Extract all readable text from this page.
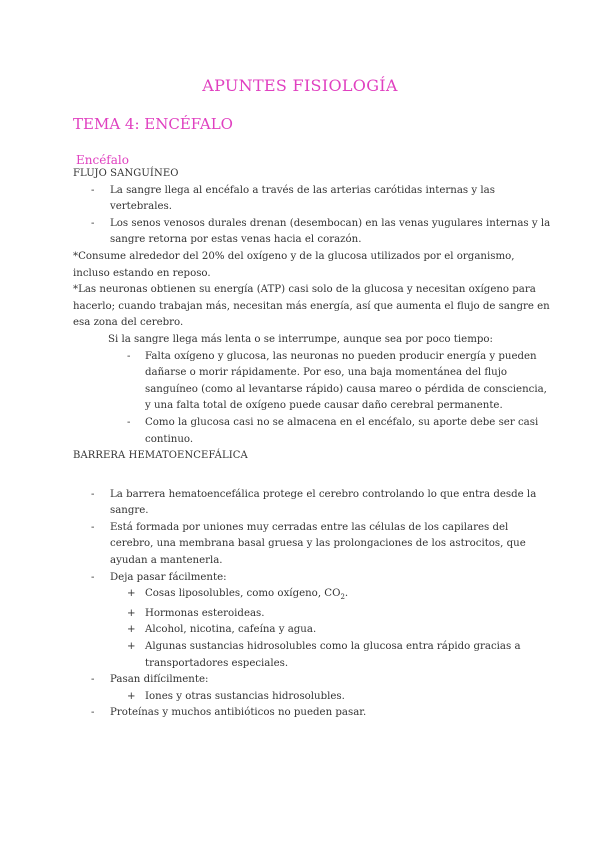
APUNTES FISIOLOGÍA
TEMA 4: ENCÉFALO
Encéfalo

FLUJO SANGUÍNEO

- La sangre llega al encéfalo a través de las arterias carótidas internas y las

vertebrales.

- Los senos venosos durales drenan (desembocan) en las venas yugulares internas y la

sangre retorna por estas venas hacia el corazón.

*Consume alrededor del 20% del oxígeno y de la glucosa utilizados por el organismo,

incluso estando en reposo.

*Las neuronas obtienen su energía (ATP) casi solo de la glucosa y necesitan oxígeno para

hacerlo; cuando trabajan más, necesitan más energía, así que aumenta el flujo de sangre en

esa zona del cerebro.

Si la sangre llega más lenta o se interrumpe, aunque sea por poco tiempo:

- Falta oxígeno y glucosa, las neuronas no pueden producir energía y pueden

dañarse o morir rápidamente. Por eso, una baja momentánea del flujo

sanguíneo (como al levantarse rápido) causa mareo o pérdida de consciencia,

y una falta total de oxígeno puede causar daño cerebral permanente.

- Como la glucosa casi no se almacena en el encéfalo, su aporte debe ser casi

continuo.

BARRERA HEMATOENCEFÁLICA

- La barrera hematoencefálica protege el cerebro controlando lo que entra desde la

sangre.

- Está formada por uniones muy cerradas entre las células de los capilares del

cerebro, una membrana basal gruesa y las prolongaciones de los astrocitos, que

ayudan a mantenerla.

- Deja pasar fácilmente:

+ Cosas liposolubles, como oxígeno, $CO_2$.

+ Hormonas esteroideas.

+ Alcohol, nicotina, cafeína y agua.

+ Algunas sustancias hidrosolubles como la glucosa entra rápido gracias a

transportadores especiales.

- Pasan difícilmente:

+ Iones y otras sustancias hidrosolubles.

- Proteínas y muchos antibióticos no pueden pasar.
